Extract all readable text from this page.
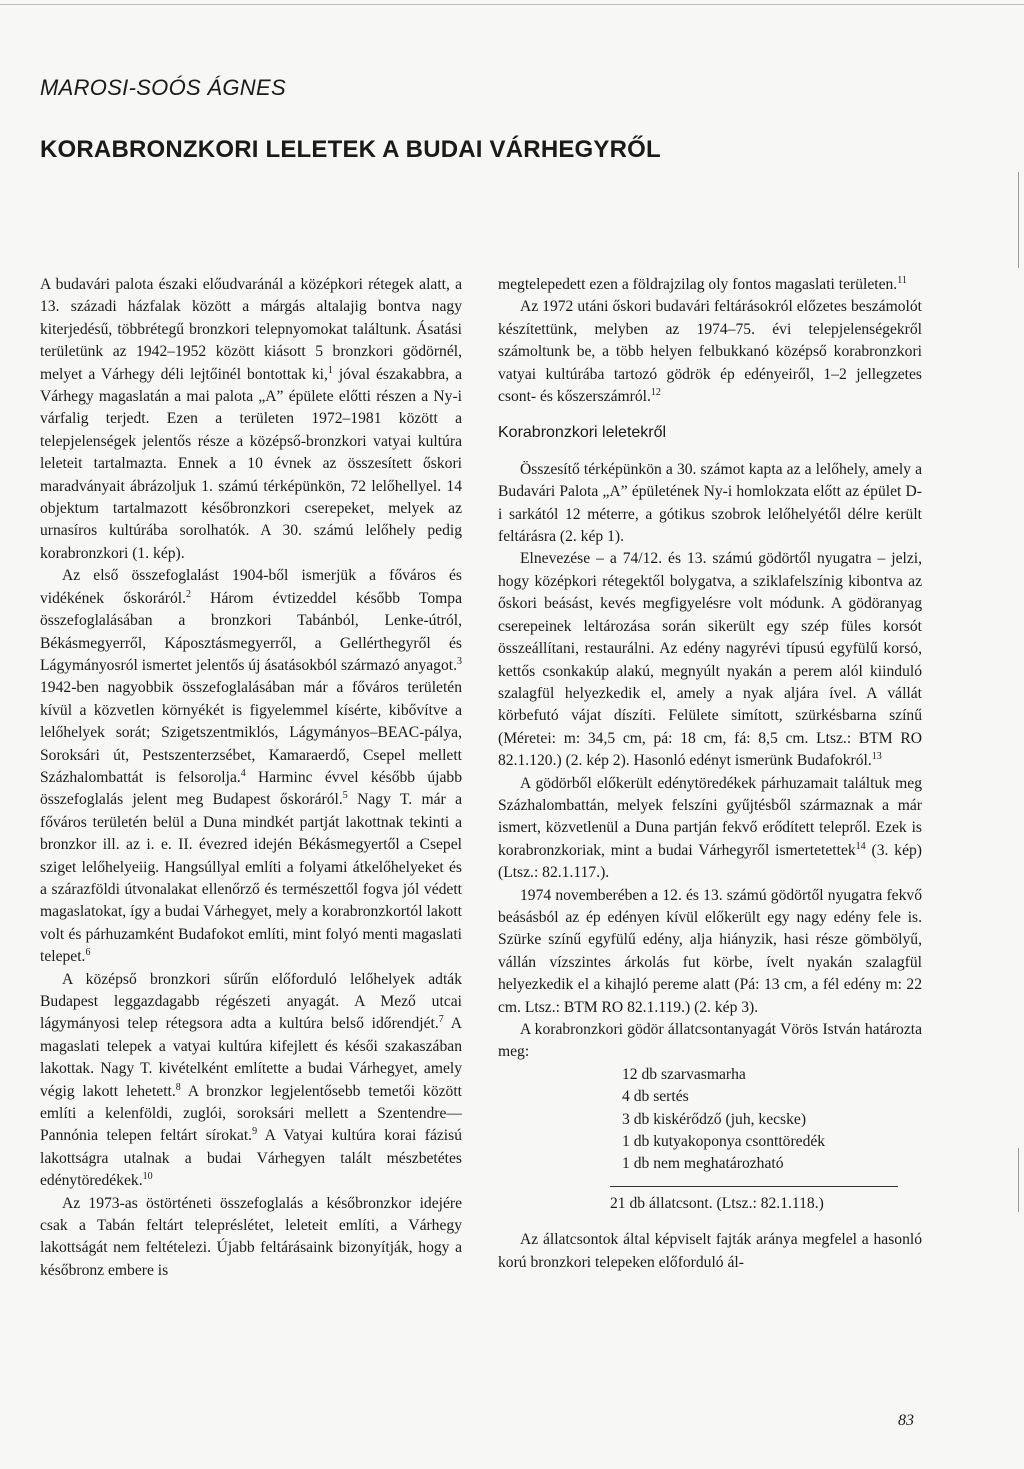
MAROSI-SOÓS ÁGNES
KORABRONZKORI LELETEK A BUDAI VÁRHEGYRŐL

A budavári palota északi előudvaránál a középkori rétegek alatt, a 13. századi házfalak között a márgás altalajig bontva nagy kiterjedésű, többrétegű bronzkori telepnyomokat találtunk. Ásatási területünk az 1942–1952 között kiásott 5 bronzkori gödörnél, melyet a Várhegy déli lejtőinél bontottak ki,$^1$ jóval északabbra, a Várhegy magaslatán a mai palota „A” épülete előtti részen a Ny-i várfalig terjedt. Ezen a területen 1972–1981 között a telepjelenségek jelentős része a középső-bronzkori vatyai kultúra leleteit tartalmazta. Ennek a 10 évnek az összesített őskori maradványait ábrázoljuk 1. számú térképünkön, 72 lelőhellyel. 14 objektum tartalmazott későbronzkori cserepeket, melyek az urnasíros kultúrába sorolhatók. A 30. számú lelőhely pedig korabronzkori (1. kép).

Az első összefoglalást 1904-ből ismerjük a főváros és vidékének őskoráról.$^2$ Három évtizeddel később Tompa összefoglalásában a bronzkori Tabánból, Lenke-útról, Békásmegyerről, Káposztásmegyerről, a Gellérthegyről és Lágymányosról ismertet jelentős új ásatásokból származó anyagot.$^3$ 1942-ben nagyobbik összefoglalásában már a főváros területén kívül a közvetlen környékét is figyelemmel kísérte, kibővítve a lelőhelyek sorát; Szigetszentmiklós, Lágymányos–BEAC-pálya, Soroksári út, Pestszenterzsébet, Kamaraerdő, Csepel mellett Százhalombattát is felsorolja.$^4$ Harminc évvel később újabb összefoglalás jelent meg Budapest őskoráról.$^5$ Nagy T. már a főváros területén belül a Duna mindkét partját lakottnak tekinti a bronzkor ill. az i. e. II. évezred idején Békásmegyertől a Csepel sziget lelőhelyeiig. Hangsúllyal említi a folyami átkelőhelyeket és a szárazföldi útvonalakat ellenőrző és természettől fogva jól védett magaslatokat, így a budai Várhegyet, mely a korabronzkortól lakott volt és párhuzamként Budafokot említi, mint folyó menti magaslati telepet.$^6$

A középső bronzkori sűrűn előforduló lelőhelyek adták Budapest leggazdagabb régészeti anyagát. A Mező utcai lágymányosi telep rétegsora adta a kultúra belső időrendjét.$^7$ A magaslati telepek a vatyai kultúra kifejlett és késői szakaszában lakottak. Nagy T. kivételként említette a budai Várhegyet, amely végig lakott lehetett.$^8$ A bronzkor legjelentősebb temetői között említi a kelenföldi, zuglói, soroksári mellett a Szentendre—Pannónia telepen feltárt sírokat.$^9$ A Vatyai kultúra korai fázisú lakottságra utalnak a budai Várhegyen talált mészbetétes edénytöredékek.$^{10}$

Az 1973-as östörténeti összefoglalás a későbronzkor idejére csak a Tabán feltárt telepréslétet, leleteit említi, a Várhegy lakottságát nem feltételezi. Újabb feltárásaink bizonyítják, hogy a későbronz embere is

megtelepedett ezen a földrajzilag oly fontos magaslati területen.$^{11}$

Az 1972 utáni őskori budavári feltárásokról előzetes beszámolót készítettünk, melyben az 1974–75. évi telepjelenségekről számoltunk be, a több helyen felbukkanó középső korabronzkori vatyai kultúrába tartozó gödrök ép edényeiről, 1–2 jellegzetes csont- és kőszerszámról.$^{12}$

Korabronzkori leletekről

Összesítő térképünkön a 30. számot kapta az a lelőhely, amely a Budavári Palota „A” épületének Ny-i homlokzata előtt az épület D-i sarkától 12 méterre, a gótikus szobrok lelőhelyétől délre került feltárásra (2. kép 1).

Elnevezése – a 74/12. és 13. számú gödörtől nyugatra – jelzi, hogy középkori rétegektől bolygatva, a sziklafelszínig kibontva az őskori beásást, kevés megfigyelésre volt módunk. A gödöranyag cserepeinek leltározása során sikerült egy szép füles korsót összeállítani, restaurálni. Az edény nagyrévi típusú egyfülű korsó, kettős csonkakúp alakú, megnyúlt nyakán a perem alól kiinduló szalagfül helyezkedik el, amely a nyak aljára ível. A vállát körbefutó vájat díszíti. Felülete simított, szürkésbarna színű (Méretei: m: 34,5 cm, pá: 18 cm, fá: 8,5 cm. Ltsz.: BTM RO 82.1.120.) (2. kép 2). Hasonló edényt ismerünk Budafokról.$^{13}$

A gödörből előkerült edénytöredékek párhuzamait találtuk meg Százhalombattán, melyek felszíni gyűjtésből származnak a már ismert, közvetlenül a Duna partján fekvő erődített telepről. Ezek is korabronzkoriak, mint a budai Várhegyről ismertetettek$^{14}$ (3. kép) (Ltsz.: 82.1.117.).

1974 novemberében a 12. és 13. számú gödörtől nyugatra fekvő beásásból az ép edényen kívül előkerült egy nagy edény fele is. Szürke színű egyfülű edény, alja hiányzik, hasi része gömbölyű, vállán vízszintes árkolás fut körbe, ívelt nyakán szalagfül helyezkedik el a kihajló pereme alatt (Pá: 13 cm, a fél edény m: 22 cm. Ltsz.: BTM RO 82.1.119.) (2. kép 3).

A korabronzkori gödör állatcsontanyagát Vörös István határozta meg:

12 db szarvasmarha
4 db sertés
3 db kiskérődző (juh, kecske)
1 db kutyakoponya csonttöredék
1 db nem meghatározható
21 db állatcsont. (Ltsz.: 82.1.118.)

Az állatcsontok által képviselt fajták aránya megfelel a hasonló korú bronzkori telepeken előforduló ál-

83
